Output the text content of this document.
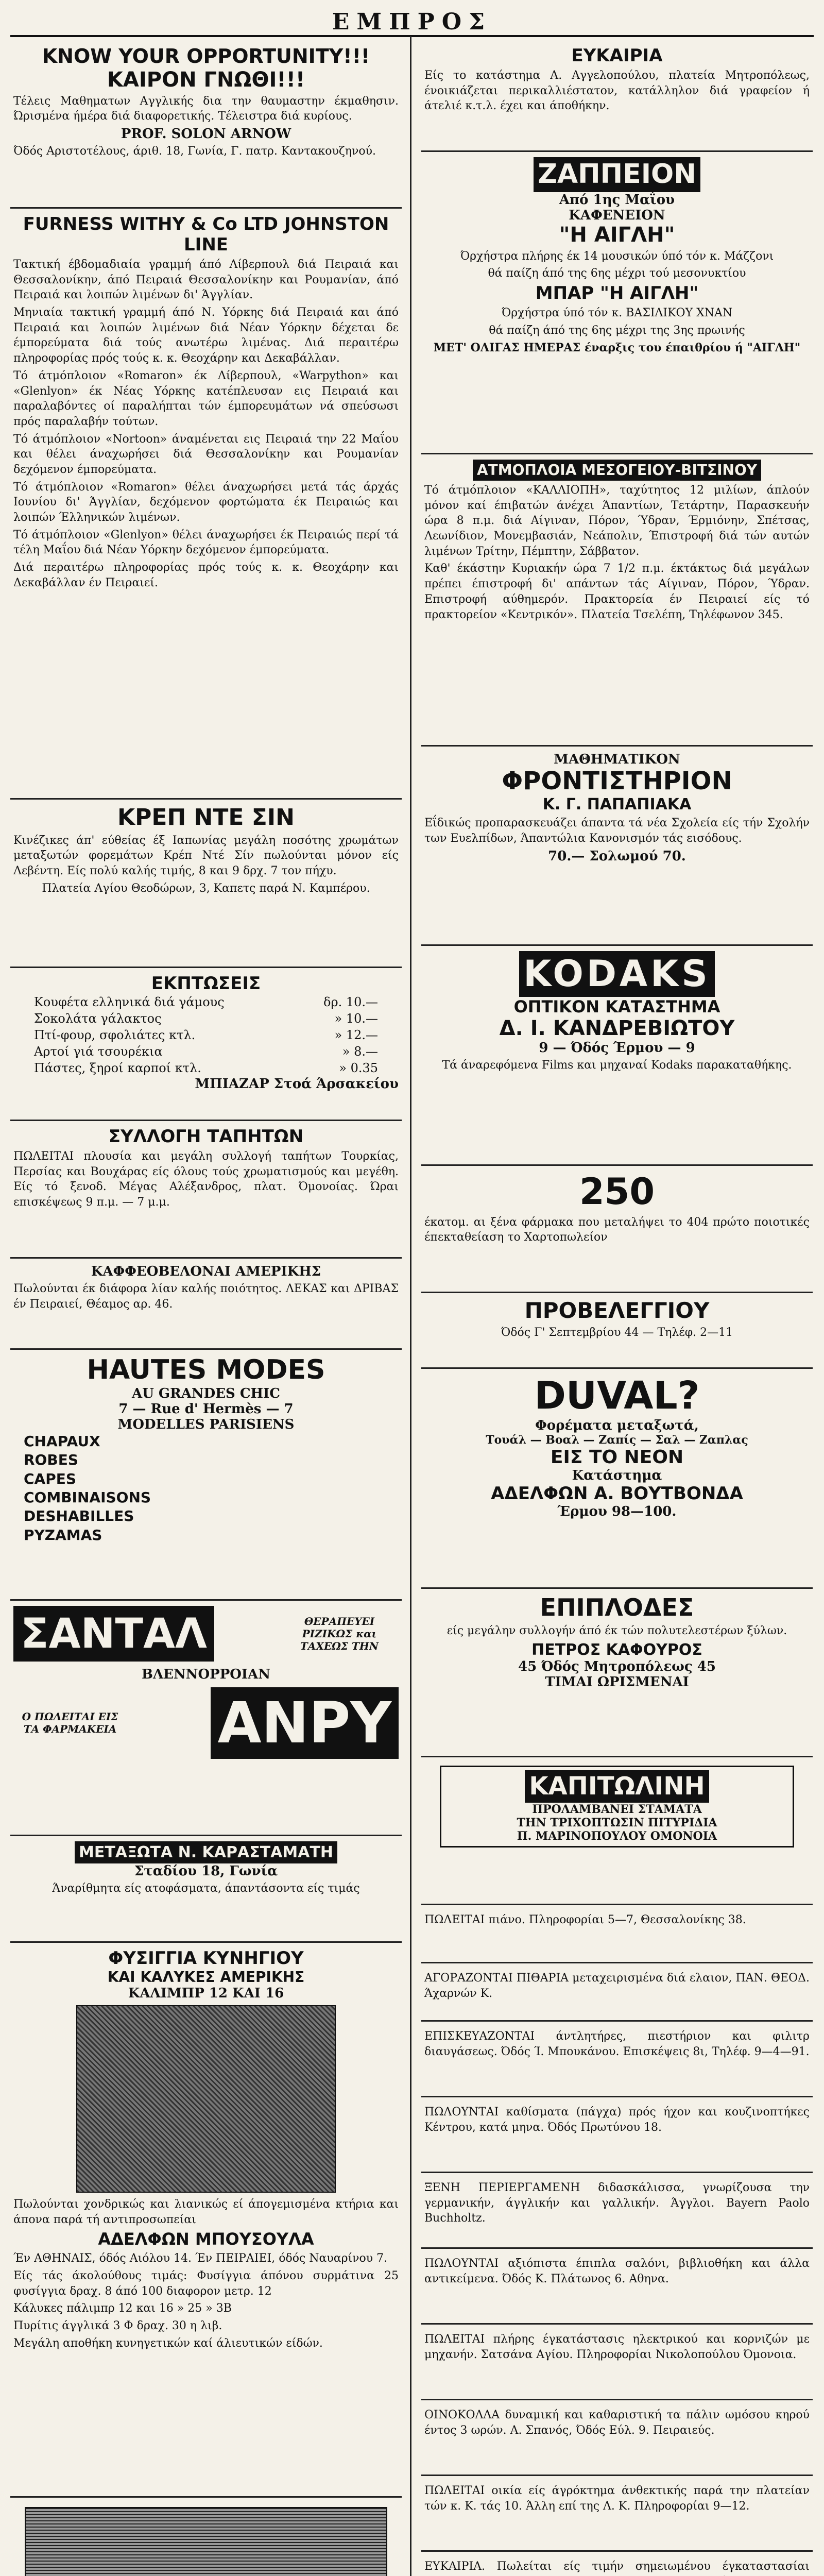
ΕΜΠΡΟΣ
KNOW YOUR OPPORTUNITY!!!
ΚΑΙΡΟΝ ΓΝΩΘΙ!!!

Τέλεις Μαθηματων Αγγλικής δια την θαυμαστην έκμαθησιν. Ώρισμένα ήμέρα διά διαφορετικής. Τέλειστρα διά κυρίους.

PROF. SOLON ARNOW

Όδός Αριστοτέλους, άριθ. 18, Γωνία, Γ. πατρ. Καντακουζηνού.

FURNESS WITHY & Co LTD JOHNSTON LINE

Τακτική έβδομαδιαία γραμμή άπό Λίβερπουλ διά Πειραιά και Θεσσαλονίκην, άπό Πειραιά Θεσσαλονίκην και Ρουμανίαν, άπό Πειραιά και λοιπών λιμένων δι' Άγγλίαν.

Μηνιαία τακτική γραμμή άπό Ν. Υόρκης διά Πειραιά και άπό Πειραιά και λοιπών λιμένων διά Νέαν Υόρκην δέχεται δε έμπορεύματα διά τούς ανωτέρω λιμένας. Διά περαιτέρω πληροφορίας πρός τούς κ. κ. Θεοχάρην και Δεκαβάλλαν.

Τό άτμόπλοιον «Romaron» έκ Λίβερπουλ, «Warpython» και «Glenlyon» έκ Νέας Υόρκης κατέπλευσαν εις Πειραιά και παραλαβόντες οί παραλήπται τών έμπορευμάτων νά σπεύσωσι πρός παραλαβήν τούτων.

Τό άτμόπλοιον «Nortoon» άναμένεται εις Πειραιά την 22 Μαΐου και θέλει άναχωρήσει διά Θεσσαλονίκην και Ρουμανίαν δεχόμενον έμπορεύματα.

Τό άτμόπλοιον «Romaron» θέλει άναχωρήσει μετά τάς άρχάς Ιουνίου δι' Άγγλίαν, δεχόμενον φορτώματα έκ Πειραιώς και λοιπών Έλληνικών λιμένων.

Τό άτμόπλοιον «Glenlyon» θέλει άναχωρήσει έκ Πειραιώς περί τά τέλη Μαΐου διά Νέαν Υόρκην δεχόμενον έμπορεύματα.

Διά περαιτέρω πληροφορίας πρός τούς κ. κ. Θεοχάρην και Δεκαβάλλαν έν Πειραιεί.

ΚΡΕΠ ΝΤΕ ΣΙΝ

Κινέζικες άπ' εύθείας έξ Ιαπωνίας μεγάλη ποσότης χρωμάτων μεταξωτών φορεμάτων Κρέπ Ντέ Σίν πωλούνται μόνον είς Λεβέντη. Είς πολύ καλής τιμής, 8 και 9 δρχ. 7 τον πήχυ.

Πλατεία Αγίου Θεοδώρων, 3, Καπετς παρά Ν. Καμπέρου.

ΕΚΠΤΩΣΕΙΣ
Κουφέτα ελληνικά διά γάμους	δρ. 10.—
Σοκολάτα γάλακτος	» 10.—
Πτί-φουρ, σφολιάτες κτλ.	» 12.—
Αρτοί γιά τσουρέκια	» 8.—
Πάστες, ξηροί καρποί κτλ.	» 0.35
ΜΠΙΑΖΑΡ Στοά Άρσακείου
ΣΥΛΛΟΓΗ ΤΑΠΗΤΩΝ

ΠΩΛΕΙΤΑΙ πλουσία και μεγάλη συλλογή ταπήτων Τουρκίας, Περσίας και Βουχάρας είς όλους τούς χρωματισμούς και μεγέθη. Είς τό ξενοδ. Μέγας Αλέξανδρος, πλατ. Όμονοίας. Ώραι επισκέψεως 9 π.μ. — 7 μ.μ.

ΚΑΦΦΕΟΒΕΛΟΝΑΙ ΑΜΕΡΙΚΗΣ

Πωλούνται έκ διάφορα λίαν καλής ποιότητος. ΛΕΚΑΣ και ΔΡΙΒΑΣ έν Πειραιεί, Θέαμος αρ. 46.

HAUTES MODES
AU GRANDES CHIC
7 — Rue d' Hermès — 7
MODELLES PARISIENS
CHAPAUX
ROBES
CAPES
COMBINAISONS
DESHABILLES
PYZAMAS
ΣΑΝΤΑΛ	ΘΕΡΑΠΕΥΕΙ ΡΙΖΙΚΩΣ και ΤΑΧΕΩΣ ΤΗΝ
ΒΛΕΝΝΟΡΡΟΙΑΝ
Ο ΠΩΛΕΙΤΑΙ ΕΙΣ ΤΑ ΦΑΡΜΑΚΕΙΑ ΑΝΡΥ
ΜΕΤΑΞΩΤΑ Ν. ΚΑΡΑΣΤΑΜΑΤΗ
Σταδίου 18, Γωνία

Άναρίθμητα είς ατοφάσματα, άπαντάσοντα είς τιμάς

ΦΥΣΙΓΓΙΑ ΚΥΝΗΓΙΟΥ
ΚΑΙ ΚΑΛΥΚΕΣ ΑΜΕΡΙΚΗΣ
ΚΑΛΙΜΠΡ 12 ΚΑΙ 16

Πωλούνται χονδρικώς και λιανικώς εί άπογεμισμένα κτήρια και άπονα παρά τή αντιπροσωπείαι

ΑΔΕΛΦΩΝ ΜΠΟΥΣΟΥΛΑ

Έν ΑΘΗΝΑΙΣ, όδός Αιόλου 14. Έν ΠΕΙΡΑΙΕΙ, όδός Ναυαρίνου 7.

Είς τάς άκολούθους τιμάς: Φυσίγγια άπόνου συρμάτινα 25 φυσίγγια δραχ. 8 άπό 100 διαφορον μετρ. 12

Κάλυκες πάλιμπρ 12 και 16 » 25 » 3Β

Πυρίτις άγγλικά 3 Φ δραχ. 30 η λιβ.

Μεγάλη αποθήκη κυνηγετικών καί άλιευτικών είδών.

ΕΥΚΑΙΡΙΑ

Είς το κατάστημα Α. Αγγελοπούλου, πλατεία Μητροπόλεως, ένοικιάζεται περικαλλιέστατον, κατάλληλον διά γραφείον ή άτελιέ κ.τ.λ. έχει και άποθήκην.

ΖΑΠΠΕΙΟΝ
Από 1ης Μαΐου
ΚΑΦΕΝΕΙΟΝ
"Η ΑΙΓΛΗ"

Όρχήστρα πλήρης έκ 14 μουσικών ύπό τόν κ. Μάζζονι

θά παίζη άπό της 6ης μέχρι τού μεσονυκτίου

ΜΠΑΡ "Η ΑΙΓΛΗ"

Όρχήστρα ύπό τόν κ. ΒΑΣΙΛΙΚΟΥ ΧΝΑΝ

θά παίζη άπό της 6ης μέχρι της 3ης πρωινής

ΜΕΤ' ΟΛΙΓΑΣ ΗΜΕΡΑΣ έναρξις του έπαιθρίου ή "ΑΙΓΛΗ"

ΑΤΜΟΠΛΟΙΑ ΜΕΣΟΓΕΙΟΥ-ΒΙΤΣΙΝΟΥ

Τό άτμόπλοιον «ΚΑΛΛΙΟΠΗ», ταχύτητος 12 μιλίων, άπλούν μόνον καί έπιβατών άνέχει Άπαντίων, Τετάρτην, Παρασκευήν ώρα 8 π.μ. διά Αίγιναν, Πόρον, Ύδραν, Έρμιόνην, Σπέτσας, Λεωνίδιον, Μονεμβασιάν, Νεάπολιν, Έπιστροφή διά τών αυτών λιμένων Τρίτην, Πέμπτην, Σάββατον.

Καθ' έκάστην Κυριακήν ώρα 7 1/2 π.μ. έκτάκτως διά μεγάλων πρέπει έπιστροφή δι' απάντων τάς Αίγιναν, Πόρον, Ύδραν. Επιστροφή αύθημερόν. Πρακτορεία έν Πειραιεί είς τό πρακτορείον «Κεντρικόν». Πλατεία Τσελέπη, Τηλέφωνον 345.

ΜΑΘΗΜΑΤΙΚΟΝ
ΦΡΟΝΤΙΣΤΗΡΙΟΝ
Κ. Γ. ΠΑΠΑΠΙΑΚΑ

Εΐδικώς προπαρασκευάζει άπαντα τά νέα Σχολεία είς τήν Σχολήν των Ευελπίδων, Άπαντώλια Κανονισμόν τάς εισόδους.

70.— Σολωμού 70.
KODAKS
ΟΠΤΙΚΟΝ ΚΑΤΑΣΤΗΜΑ
Δ. Ι. ΚΑΝΔΡΕΒΙΩΤΟΥ
9 — Όδός Έρμου — 9

Τά άναρεφόμενα Films και μηχαναί Kodaks παρακαταθήκης.

250

έκατομ. αι ξένα φάρμακα που μεταλήψει το 404 πρώτο ποιοτικές έπεκταθείαση το Χαρτοπωλείον

ΠΡΟΒΕΛΕΓΓΙΟΥ

Όδός Γ' Σεπτεμβρίου 44 — Τηλέφ. 2—11

DUVAL?
Φορέματα μεταξωτά,
Τουάλ — Βοαλ — Ζαπίς — Σαλ — Ζαπλας
ΕΙΣ ΤΟ ΝΕΟΝ
Κατάστημα
ΑΔΕΛΦΩΝ Α. ΒΟΥΤΒΟΝΔΑ
Έρμου 98—100.
ΕΠΙΠΛΟΔΕΣ

είς μεγάλην συλλογήν άπό έκ τών πολυτελεστέρων ξύλων.

ΠΕΤΡΟΣ ΚΑΦΟΥΡΟΣ
45 Όδός Μητροπόλεως 45
ΤΙΜΑΙ ΩΡΙΣΜΕΝΑΙ
ΚΑΠΙΤΩΛΙΝΗ
ΠΡΟΛΑΜΒΑΝΕΙ ΣΤΑΜΑΤΑ
ΤΗΝ ΤΡΙΧΟΠΤΩΣΙΝ ΠΙΤΥΡΙΔΙΑ
Π. ΜΑΡΙΝΟΠΟΥΛΟΥ ΟΜΟΝΟΙΑ

ΠΩΛΕΙΤΑΙ πιάνο. Πληροφορίαι 5—7, Θεσσαλονίκης 38.

ΑΓΟΡΑΖΟΝΤΑΙ ΠΙΘΑΡΙΑ μεταχειρισμένα διά ελαιον, ΠΑΝ. ΘΕΟΔ. Άχαρνών Κ.

ΕΠΙΣΚΕΥΑΖΟΝΤΑΙ άντλητήρες, πιεστήριον και φιλιτρ διαυγάσεως. Όδός Ί. Μπουκάνου. Επισκέψεις 8ι, Τηλέφ. 9—4—91.

ΠΩΛΟΥΝΤΑΙ καθίσματα (πάγχα) πρός ήχον και κουζινοπτήκες Κέντρου, κατά μηνα. Όδός Πρωτύνου 18.

ΞΕΝΗ ΠΕΡΙΕΡΓΑΜΕΝΗ διδασκάλισσα, γνωρίζουσα την γερμανικήν, άγγλικήν και γαλλικήν. Άγγλοι. Bayern Paolo Buchholtz.

ΠΩΛΟΥΝΤΑΙ αξιόπιστα έπιπλα σαλόνι, βιβλιοθήκη και άλλα αντικείμενα. Όδός Κ. Πλάτωνος 6. Αθηνα.

ΠΩΛΕΙΤΑΙ πλήρης έγκατάστασις ηλεκτρικού και κορνιζών με μηχανήν. Σατσάνα Αγίου. Πληροφορίαι Νικολοπούλου Όμονοια.

ΟΙΝΟΚΟΛΛΑ δυναμική και καθαριστική τα πάλιν ωμόσου κηρού έντος 3 ωρών. Α. Σπανός, Όδός Εύλ. 9. Πειραιεύς.

ΠΩΛΕΙΤΑΙ οικία είς άγρόκτημα άνθεκτικής παρά την πλατείαν τών κ. Κ. τάς 10. Άλλη επί της Λ. Κ. Πληροφορίαι 9—12.

ΕΥΚΑΙΡΙΑ. Πωλείται είς τιμήν σημειωμένου έγκαταστασίαι
